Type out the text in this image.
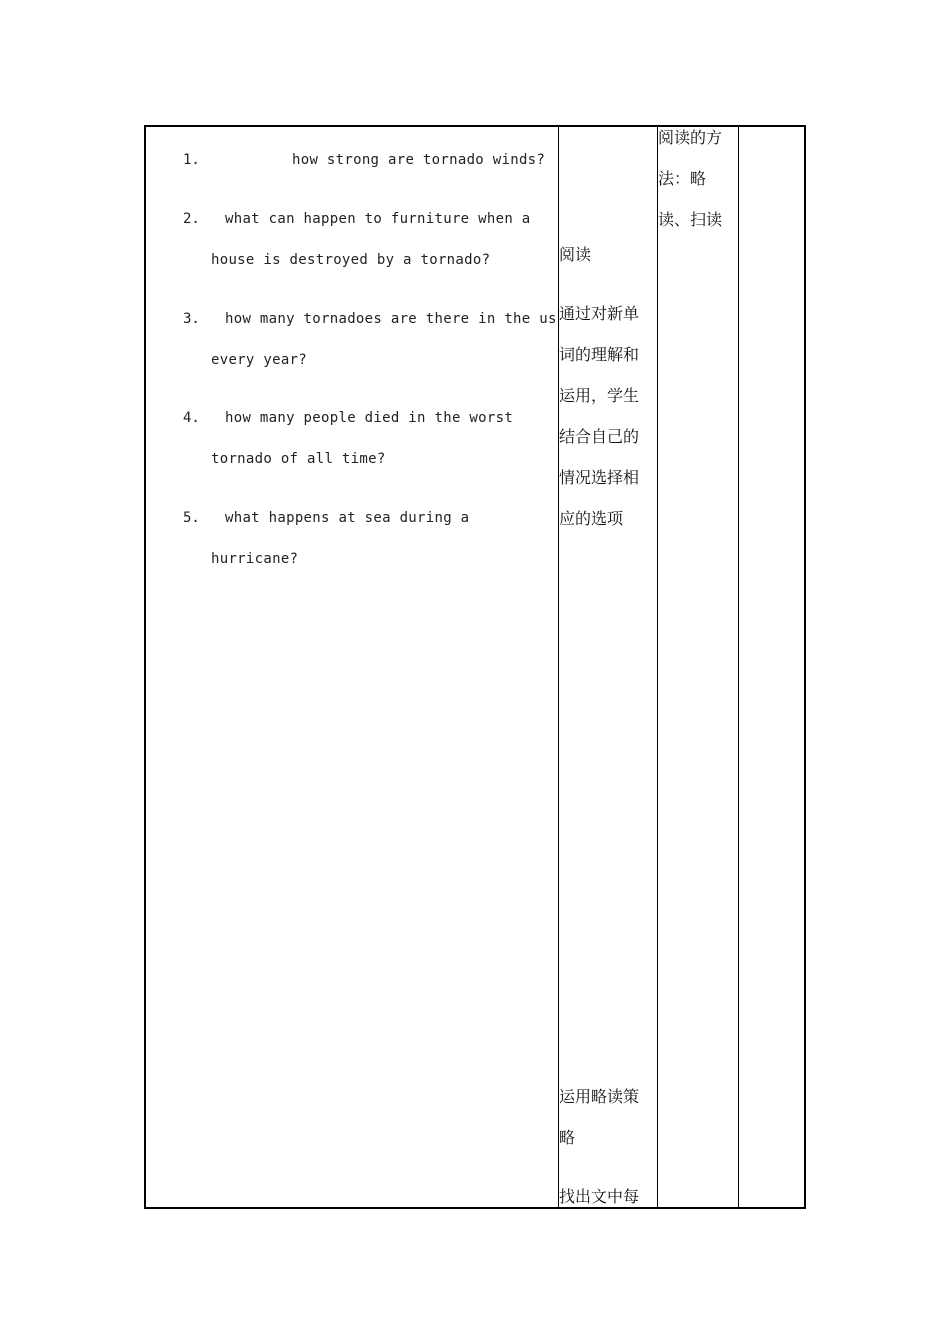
1.	how strong are tornado winds?
2. what can happen to furniture when a
house is destroyed by a tornado?
3. how many tornadoes are there in the us
every year?
4. how many people died in the worst
tornado of all time?
5. what happens at sea during a
hurricane?
阅读
通过对新单
词的理解和
运用，学生
结合自己的
情况选择相
应的选项
运用略读策
略
找出文中每
阅读的方
法：略
读、扫读
